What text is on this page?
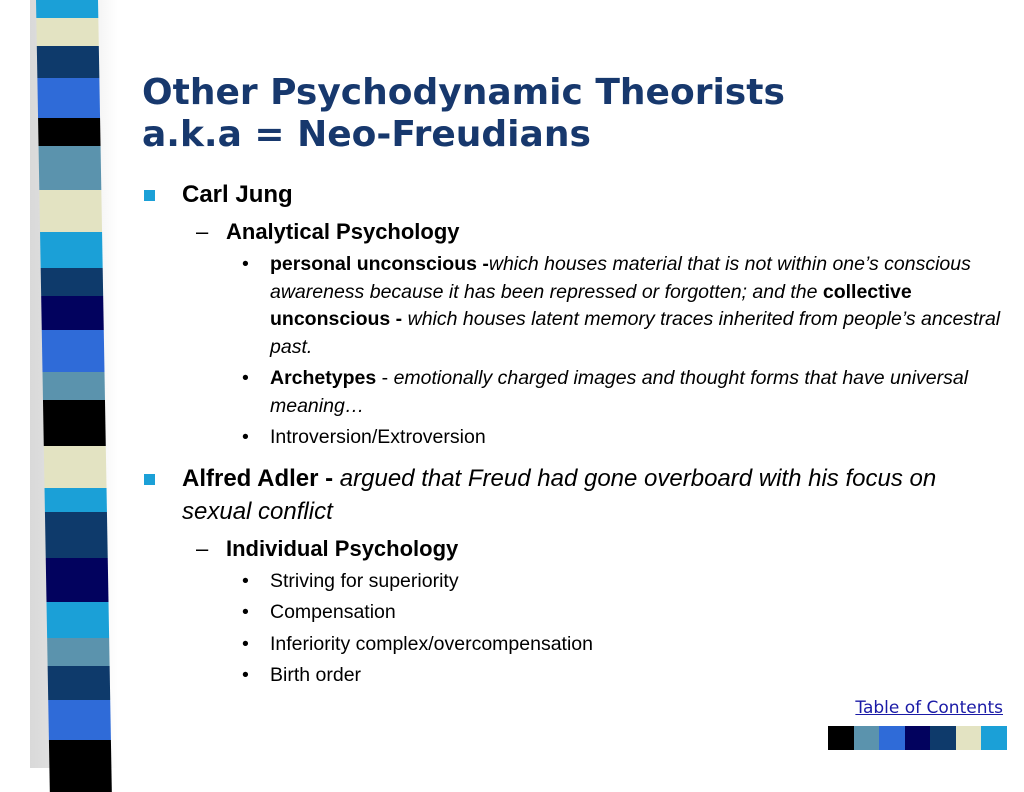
Other Psychodynamic Theorists
a.k.a = Neo-Freudians
Carl Jung
– Analytical Psychology
• personal unconscious -which houses material that is not within one’s conscious awareness because it has been repressed or forgotten; and the collective unconscious - which houses latent memory traces inherited from people’s ancestral past.
• Archetypes - emotionally charged images and thought forms that have universal meaning…
• Introversion/Extroversion
Alfred Adler - argued that Freud had gone overboard with his focus on sexual conflict
– Individual Psychology
• Striving for superiority
• Compensation
• Inferiority complex/overcompensation
• Birth order
Table of Contents
